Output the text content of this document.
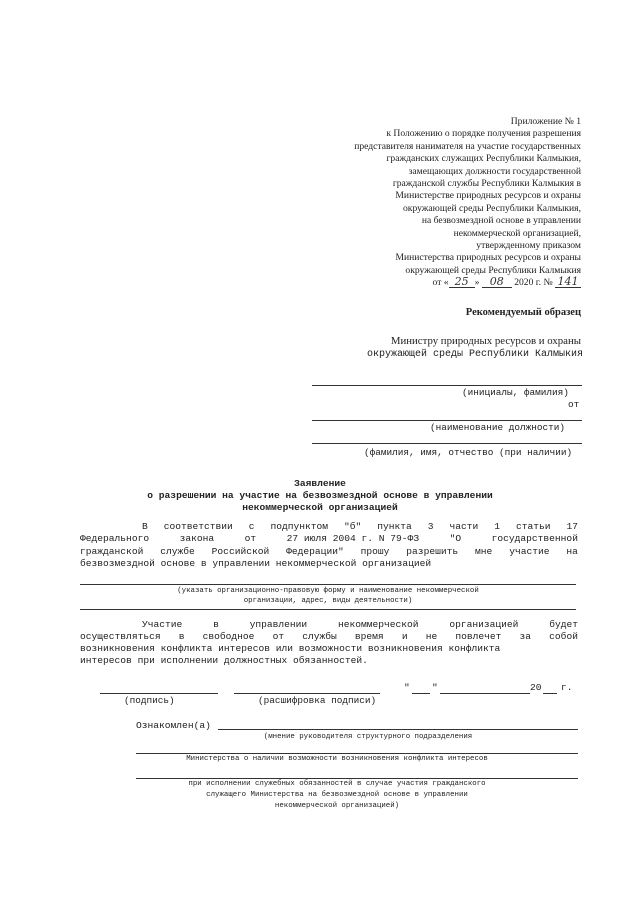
Приложение № 1
к Положению о порядке получения разрешения
представителя нанимателя на участие государственных
гражданских служащих Республики Калмыкия,
замещающих должности государственной
гражданской службы Республики Калмыкия в
Министерстве природных ресурсов и охраны
окружающей среды Республики Калмыкия,
на безвозмездной основе в управлении
некоммерческой организацией,
утвержденному приказом
Министерства природных ресурсов и охраны
окружающей среды Республики Калмыкия
от « 25 » 08 2020 г. № 141
Рекомендуемый образец
Министру природных ресурсов и охраны
окружающей среды Республики Калмыкия
(инициалы, фамилия)
от
(наименование должности)
(фамилия, имя, отчество (при наличии)
Заявление
о разрешении на участие на безвозмездной основе в управлении
некоммерческой организацией
В соответствии с подпунктом "б" пункта 3 части 1 статьи 17
Федерального	закона	от	27 июля 2004 г. N 79-ФЗ	"О	государственной
гражданской службе Российской Федерации" прошу разрешить мне участие на
безвозмездной основе в управлении некоммерческой организацией
(указать организационно-правовую форму и наименование некоммерческой
организации, адрес, виды деятельности)
Участие	в	управлении	некоммерческой	организацией	будет
осуществляться в свободное от службы время и не повлечет за собой
возникновения конфликта интересов или возможности возникновения конфликта
интересов при исполнении должностных обязанностей.
" "	20 г.
(подпись)	(расшифровка подписи)
Ознакомлен(а)
(мнение руководителя структурного подразделения
Министерства о наличии возможности возникновения конфликта интересов
при исполнении служебных обязанностей в случае участия гражданского
служащего Министерства на безвозмездной основе в управлении
некоммерческой организацией)
